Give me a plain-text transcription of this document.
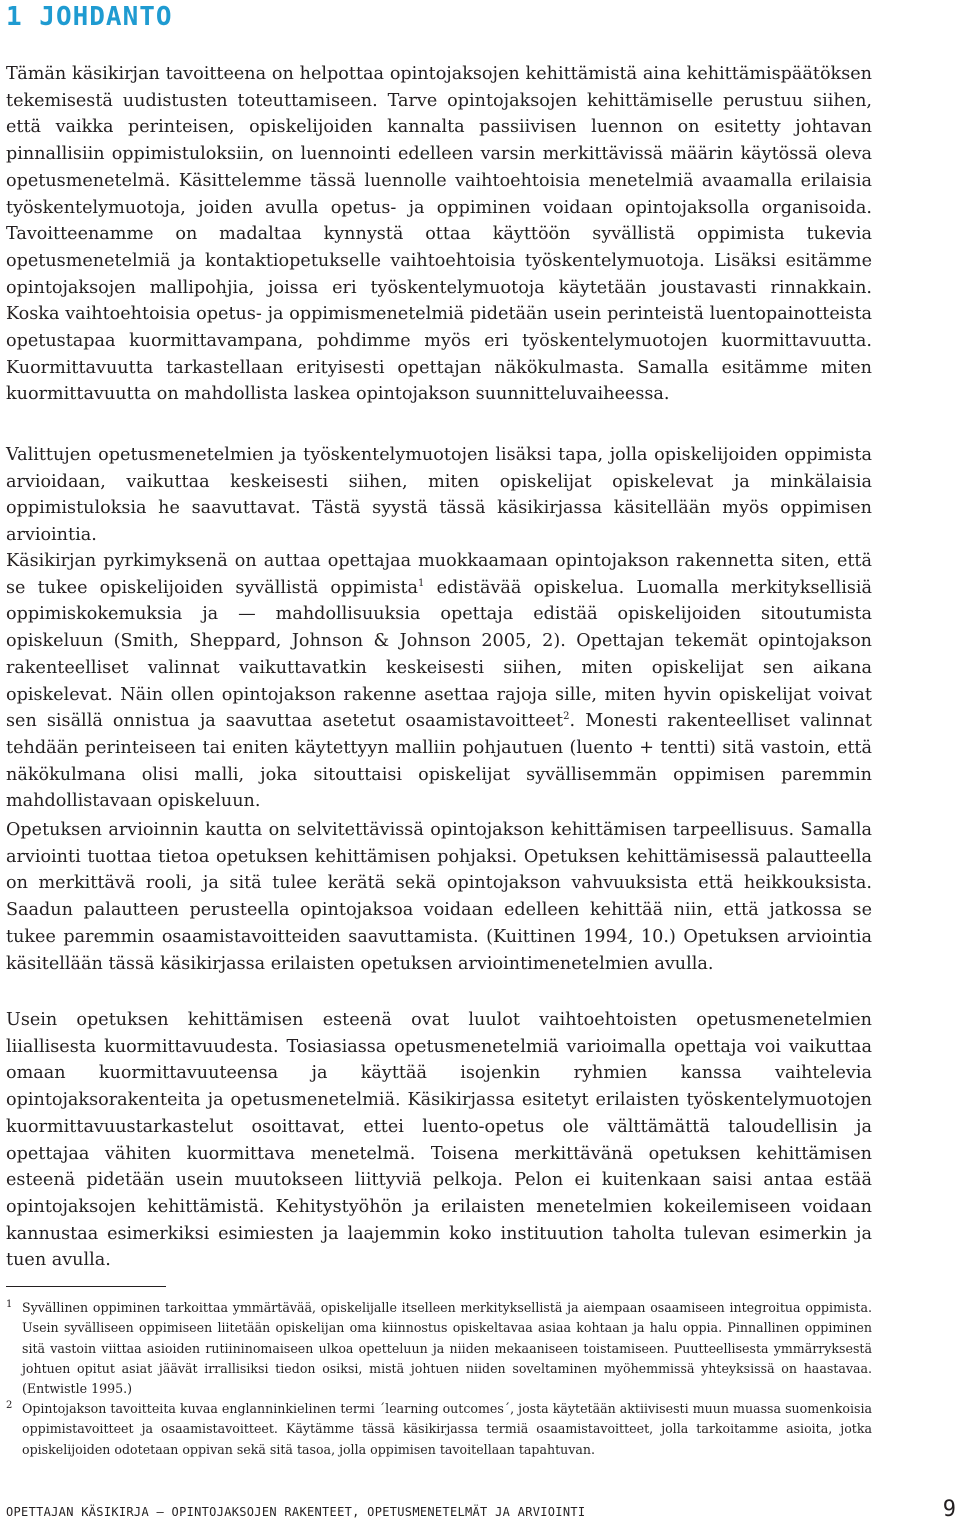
1 JOHDANTO

Tämän käsikirjan tavoitteena on helpottaa opintojaksojen kehittämistä aina kehittämispäätöksen tekemisestä uudistusten toteuttamiseen. Tarve opintojaksojen kehittämiselle perustuu siihen, että vaikka perinteisen, opiskelijoiden kannalta passiivisen luennon on esitetty johtavan pinnallisiin oppimistuloksiin, on luennointi edelleen varsin merkittävissä määrin käytössä oleva opetusmenetelmä. Käsittelemme tässä luennolle vaihtoehtoisia menetelmiä avaamalla erilaisia työskentelymuotoja, joiden avulla opetus- ja oppiminen voidaan opintojaksolla organisoida. Tavoitteenamme on madaltaa kynnystä ottaa käyttöön syvällistä oppimista tukevia opetusmenetelmiä ja kontaktiopetukselle vaihtoehtoisia työskentelymuotoja. Lisäksi esitämme opintojaksojen mallipohjia, joissa eri työskentelymuotoja käytetään joustavasti rinnakkain. Koska vaihtoehtoisia opetus- ja oppimismenetelmiä pidetään usein perinteistä luentopainotteista opetustapaa kuormittavampana, pohdimme myös eri työskentelymuotojen kuormittavuutta. Kuormittavuutta tarkastellaan erityisesti opettajan näkökulmasta. Samalla esitämme miten kuormittavuutta on mahdollista laskea opintojakson suunnitteluvaiheessa.

Valittujen opetusmenetelmien ja työskentelymuotojen lisäksi tapa, jolla opiskelijoiden oppimista arvioidaan, vaikuttaa keskeisesti siihen, miten opiskelijat opiskelevat ja minkälaisia oppimistuloksia he saavuttavat. Tästä syystä tässä käsikirjassa käsitellään myös oppimisen arviointia.

Käsikirjan pyrkimyksenä on auttaa opettajaa muokkaamaan opintojakson rakennetta siten, että se tukee opiskelijoiden syvällistä oppimista$^1$ edistävää opiskelua. Luomalla merkityksellisiä oppimiskokemuksia ja — mahdollisuuksia opettaja edistää opiskelijoiden sitoutumista opiskeluun (Smith, Sheppard, Johnson & Johnson 2005, 2). Opettajan tekemät opintojakson rakenteelliset valinnat vaikuttavatkin keskeisesti siihen, miten opiskelijat sen aikana opiskelevat. Näin ollen opintojakson rakenne asettaa rajoja sille, miten hyvin opiskelijat voivat sen sisällä onnistua ja saavuttaa asetetut osaamistavoitteet$^2$. Monesti rakenteelliset valinnat tehdään perinteiseen tai eniten käytettyyn malliin pohjautuen (luento + tentti) sitä vastoin, että näkökulmana olisi malli, joka sitouttaisi opiskelijat syvällisemmän oppimisen paremmin mahdollistavaan opiskeluun.

Opetuksen arvioinnin kautta on selvitettävissä opintojakson kehittämisen tarpeellisuus. Samalla arviointi tuottaa tietoa opetuksen kehittämisen pohjaksi. Opetuksen kehittämisessä palautteella on merkittävä rooli, ja sitä tulee kerätä sekä opintojakson vahvuuksista että heikkouksista. Saadun palautteen perusteella opintojaksoa voidaan edelleen kehittää niin, että jatkossa se tukee paremmin osaamistavoitteiden saavuttamista. (Kuittinen 1994, 10.) Opetuksen arviointia käsitellään tässä käsikirjassa erilaisten opetuksen arviointimenetelmien avulla.

Usein opetuksen kehittämisen esteenä ovat luulot vaihtoehtoisten opetusmenetelmien liiallisesta kuormittavuudesta. Tosiasiassa opetusmenetelmiä varioimalla opettaja voi vaikuttaa omaan kuormittavuuteensa ja käyttää isojenkin ryhmien kanssa vaihtelevia opintojaksorakenteita ja opetusmenetelmiä. Käsikirjassa esitetyt erilaisten työskentelymuotojen kuormittavuustarkastelut osoittavat, ettei luento-opetus ole välttämättä taloudellisin ja opettajaa vähiten kuormittava menetelmä. Toisena merkittävänä opetuksen kehittämisen esteenä pidetään usein muutokseen liittyviä pelkoja. Pelon ei kuitenkaan saisi antaa estää opintojaksojen kehittämistä. Kehitystyöhön ja erilaisten menetelmien kokeilemiseen voidaan kannustaa esimerkiksi esimiesten ja laajemmin koko instituution taholta tulevan esimerkin ja tuen avulla.

1 Syvällinen oppiminen tarkoittaa ymmärtävää, opiskelijalle itselleen merkityksellistä ja aiempaan osaamiseen integroitua oppimista. Usein syvälliseen oppimiseen liitetään opiskelijan oma kiinnostus opiskeltavaa asiaa kohtaan ja halu oppia. Pinnallinen oppiminen sitä vastoin viittaa asioiden rutiininomaiseen ulkoa opetteluun ja niiden mekaaniseen toistamiseen. Puutteellisesta ymmärryksestä johtuen opitut asiat jäävät irrallisiksi tiedon osiksi, mistä johtuen niiden soveltaminen myöhemmissä yhteyksissä on haastavaa. (Entwistle 1995.)
2 Opintojakson tavoitteita kuvaa englanninkielinen termi ´learning outcomes´, josta käytetään aktiivisesti muun muassa suomenkoisia oppimistavoitteet ja osaamistavoitteet. Käytämme tässä käsikirjassa termiä osaamistavoitteet, jolla tarkoitamme asioita, jotka opiskelijoiden odotetaan oppivan sekä sitä tasoa, jolla oppimisen tavoitellaan tapahtuvan.
OPETTAJAN KÄSIKIRJA — OPINTOJAKSOJEN RAKENTEET, OPETUSMENETELMÄT JA ARVIOINTI	9
